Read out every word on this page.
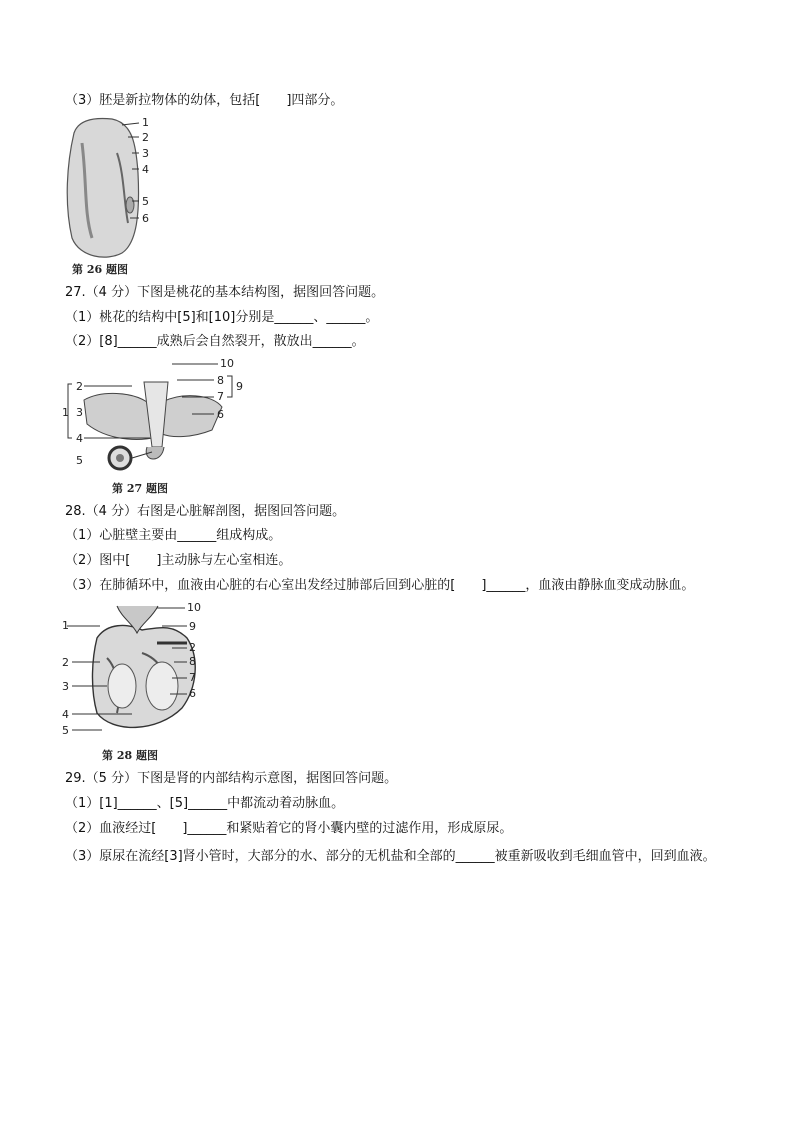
（3）胚是新拉物体的幼体，包括[　　]四部分。
1
2
3
4
5
6
第 26 题图
27.（4 分）下图是桃花的基本结构图，据图回答问题。
（1）桃花的结构中[5]和[10]分别是______、______。
（2）[8]______成熟后会自然裂开，散放出______。
1
2
3
4
5
6
7
8 9
10
第 27 题图
28.（4 分）右图是心脏解剖图，据图回答问题。
（1）心脏壁主要由______组成构成。
（2）图中[　　]主动脉与左心室相连。
（3）在肺循环中，血液由心脏的右心室出发经过肺部后回到心脏的[　　]______，血液由静脉血变成动脉血。
1
2
3
4
5
10
9
2
8
7
6
第 28 题图
29.（5 分）下图是肾的内部结构示意图，据图回答问题。
（1）[1]______、[5]______中都流动着动脉血。
（2）血液经过[　　]______和紧贴着它的肾小囊内壁的过滤作用，形成原尿。
（3）原尿在流经[3]肾小管时，大部分的水、部分的无机盐和全部的______被重新吸收到毛细血管中，回到血液。
